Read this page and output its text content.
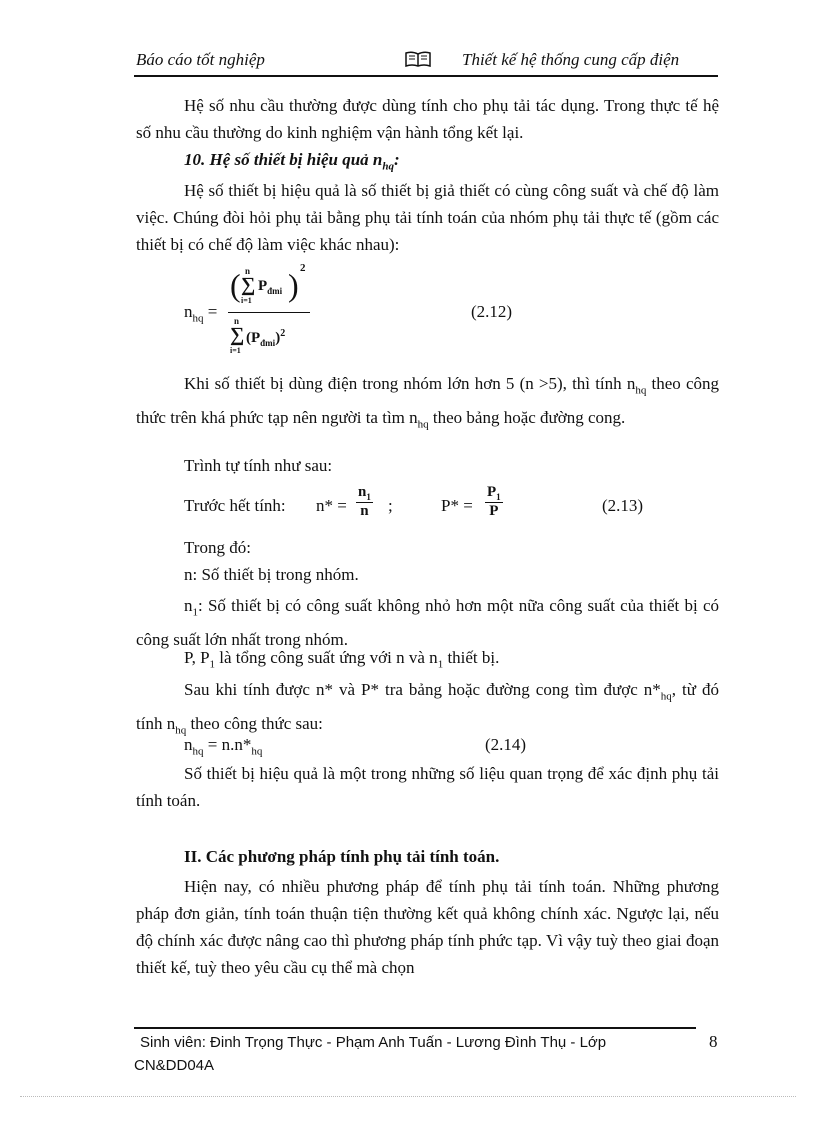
Báo cáo tốt nghiệp	Thiết kế hệ thống cung cấp điện
Hệ số nhu cầu thường được dùng tính cho phụ tải tác dụng. Trong thực tế hệ số nhu cầu thường do kinh nghiệm vận hành tổng kết lại.
10. Hệ số thiết bị hiệu quả $n_{hq}$:
Hệ số thiết bị hiệu quả là số thiết bị giả thiết có cùng công suất và chế độ làm việc. Chúng đòi hỏi phụ tải bằng phụ tải tính toán của nhóm phụ tải thực tế (gồm các thiết bị có chế độ làm việc khác nhau):
$n_{hq}$ =
( n
∑
i=1
$P_{đmi}$ ) 2
n
∑
i=1
$(P_{đmi})^2$
(2.12)
Khi số thiết bị dùng điện trong nhóm lớn hơn 5 (n >5), thì tính $n_{hq}$ theo công thức trên khá phức tạp nên người ta tìm $n_{hq}$ theo bảng hoặc đường cong.
Trình tự tính như sau:
Trước hết tính: $n* = \frac{n_1}{n}$ ;	$P* = \frac{P_1}{P}$	(2.13)
Trong đó:
n: Số thiết bị trong nhóm.
$n_1$: Số thiết bị có công suất không nhỏ hơn một nữa công suất của thiết bị có công suất lớn nhất trong nhóm.
P, $P_1$ là tổng công suất ứng với n và $n_1$ thiết bị.
Sau khi tính được n* và P* tra bảng hoặc đường cong tìm được $n*_{hq}$, từ đó tính $n_{hq}$ theo công thức sau:
$n_{hq} = n.n*_{hq}$	(2.14)
Số thiết bị hiệu quả là một trong những số liệu quan trọng để xác định phụ tải tính toán.
II. Các phương pháp tính phụ tải tính toán.
Hiện nay, có nhiều phương pháp để tính phụ tải tính toán. Những phương pháp đơn giản, tính toán thuận tiện thường kết quả không chính xác. Ngược lại, nếu độ chính xác được nâng cao thì phương pháp tính phức tạp. Vì vậy tuỳ theo giai đoạn thiết kế, tuỳ theo yêu cầu cụ thể mà chọn
Sinh viên: Đinh Trọng Thực - Phạm Anh Tuấn - Lương Đình Thụ - Lớp
CN&DD04A
8
